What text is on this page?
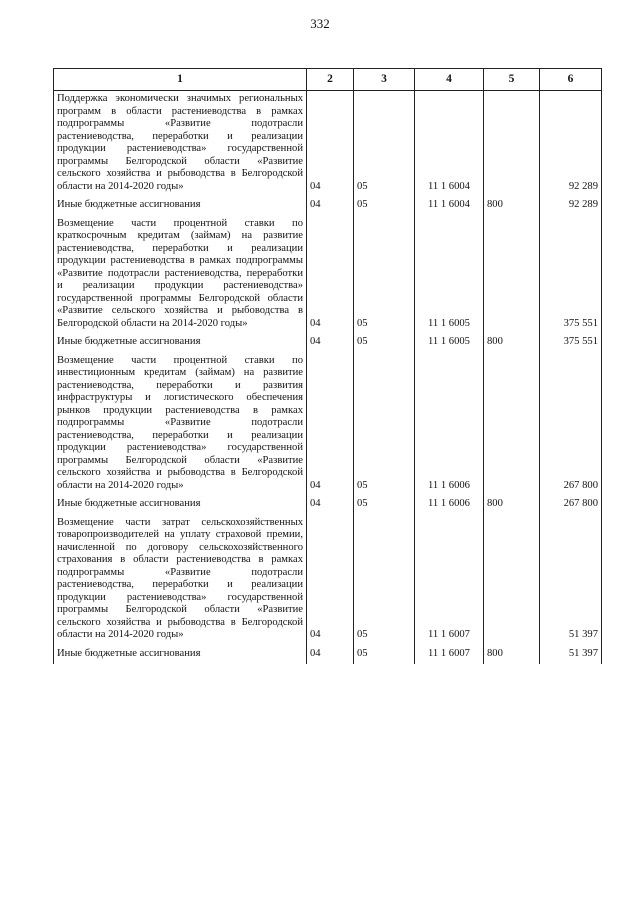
332
1	2	3	4	5	6
Поддержка экономически значимых региональных программ в области растениеводства в рамках подпрограммы «Развитие подотрасли растениеводства, переработки и реализации продукции растениеводства» государственной программы Белгородской области «Развитие сельского хозяйства и рыбоводства в Белгородской области на 2014-2020 годы»	04	05	11 1 6004		92 289
Иные бюджетные ассигнования	04	05	11 1 6004	800	92 289
Возмещение части процентной ставки по краткосрочным кредитам (займам) на развитие растениеводства, переработки и реализации продукции растениеводства в рамках подпрограммы «Развитие подотрасли растениеводства, переработки и реализации продукции растениеводства» государственной программы Белгородской области «Развитие сельского хозяйства и рыбоводства в Белгородской области на 2014-2020 годы»	04	05	11 1 6005		375 551
Иные бюджетные ассигнования	04	05	11 1 6005	800	375 551
Возмещение части процентной ставки по инвестиционным кредитам (займам) на развитие растениеводства, переработки и развития инфраструктуры и логистического обеспечения рынков продукции растениеводства в рамках подпрограммы «Развитие подотрасли растениеводства, переработки и реализации продукции растениеводства» государственной программы Белгородской области «Развитие сельского хозяйства и рыбоводства в Белгородской области на 2014-2020 годы»	04	05	11 1 6006		267 800
Иные бюджетные ассигнования	04	05	11 1 6006	800	267 800
Возмещение части затрат сельскохозяйственных товаропроизводителей на уплату страховой премии, начисленной по договору сельскохозяйственного страхования в области растениеводства в рамках подпрограммы «Развитие подотрасли растениеводства, переработки и реализации продукции растениеводства» государственной программы Белгородской области «Развитие сельского хозяйства и рыбоводства в Белгородской области на 2014-2020 годы»	04	05	11 1 6007		51 397
Иные бюджетные ассигнования	04	05	11 1 6007	800	51 397
